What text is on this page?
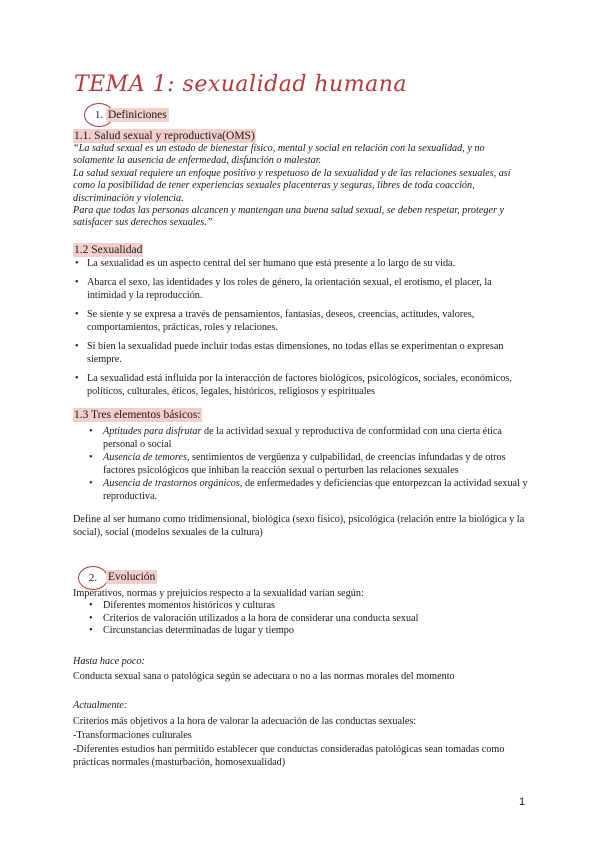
TEMA 1: sexualidad humana
1. Definiciones
1.1. Salud sexual y reproductiva(OMS)

“La salud sexual es un estado de bienestar físico, mental y social en relación con la sexualidad, y no solamente la ausencia de enfermedad, disfunción o malestar.

La salud sexual requiere un enfoque positivo y respetuoso de la sexualidad y de las relaciones sexuales, así como la posibilidad de tener experiencias sexuales placenteras y seguras, libres de toda coacción, discriminación y violencia.

Para que todas las personas alcancen y mantengan una buena salud sexual, se deben respetar, proteger y satisfacer sus derechos sexuales.”

1.2 Sexualidad
• La sexualidad es un aspecto central del ser humano que está presente a lo largo de su vida.
• Abarca el sexo, las identidades y los roles de género, la orientación sexual, el erotismo, el placer, la intimidad y la reproducción.
• Se siente y se expresa a través de pensamientos, fantasías, deseos, creencias, actitudes, valores, comportamientos, prácticas, roles y relaciones.
• Si bien la sexualidad puede incluir todas estas dimensiones, no todas ellas se experimentan o expresan siempre.
• La sexualidad está influida por la interacción de factores biológicos, psicológicos, sociales, económicos, políticos, culturales, éticos, legales, históricos, religiosos y espirituales
1.3 Tres elementos básicos:
• Aptitudes para disfrutar de la actividad sexual y reproductiva de conformidad con una cierta ética personal o social
• Ausencia de temores, sentimientos de vergüenza y culpabilidad, de creencias infundadas y de otros factores psicológicos que inhiban la reacción sexual o perturben las relaciones sexuales
• Ausencia de trastornos orgánicos, de enfermedades y deficiencias que entorpezcan la actividad sexual y reproductiva.

Define al ser humano como tridimensional, biológica (sexo físico), psicológica (relación entre la biológica y la social), social (modelos sexuales de la cultura)

2. Evolución

Imperativos, normas y prejuicios respecto a la sexualidad varían según:

• Diferentes momentos históricos y culturas
• Criterios de valoración utilizados a la hora de considerar una conducta sexual
• Circunstancias determinadas de lugar y tiempo

Hasta hace poco:

Conducta sexual sana o patológica según se adecuara o no a las normas morales del momento

Actualmente:

Criterios más objetivos a la hora de valorar la adecuación de las conductas sexuales:

-Transformaciones culturales

-Diferentes estudios han permitido establecer que conductas consideradas patológicas sean tomadas como prácticas normales (masturbación, homosexualidad)

1
